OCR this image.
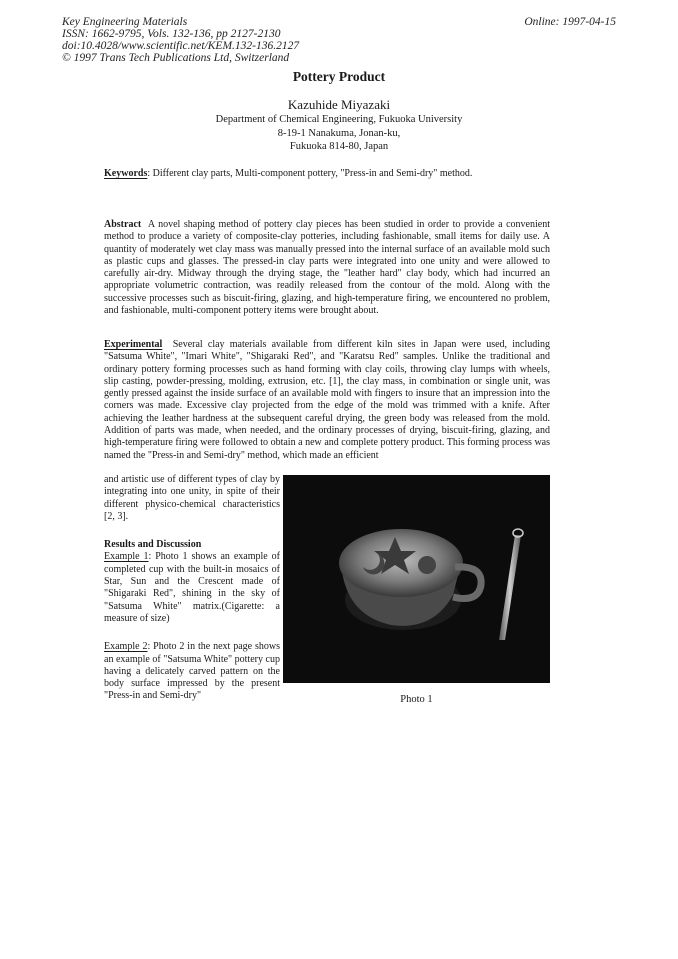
Key Engineering Materials
ISSN: 1662-9795, Vols. 132-136, pp 2127-2130
doi:10.4028/www.scientific.net/KEM.132-136.2127
© 1997 Trans Tech Publications Ltd, Switzerland
Online: 1997-04-15
Pottery Product
Kazuhide Miyazaki
Department of Chemical Engineering, Fukuoka University
8-19-1 Nanakuma, Jonan-ku,
Fukuoka 814-80, Japan
Keywords: Different clay parts, Multi-component pottery, "Press-in and Semi-dry" method.
Abstract A novel shaping method of pottery clay pieces has been studied in order to provide a convenient method to produce a variety of composite-clay potteries, including fashionable, small items for daily use. A quantity of moderately wet clay mass was manually pressed into the internal surface of an available mold such as plastic cups and glasses. The pressed-in clay parts were integrated into one unity and were allowed to carefully air-dry. Midway through the drying stage, the "leather hard" clay body, which had incurred an appropriate volumetric contraction, was readily released from the contour of the mold. Along with the successive processes such as biscuit-firing, glazing, and high-temperature firing, we encountered no problem, and fashionable, multi-component pottery items were brought about.
Experimental Several clay materials available from different kiln sites in Japan were used, including "Satsuma White", "Imari White", "Shigaraki Red", and "Karatsu Red" samples. Unlike the traditional and ordinary pottery forming processes such as hand forming with clay coils, throwing clay lumps with wheels, slip casting, powder-pressing, molding, extrusion, etc. [1], the clay mass, in combination or single unit, was gently pressed against the inside surface of an available mold with fingers to insure that an impression into the corners was made. Excessive clay projected from the edge of the mold was trimmed with a knife. After achieving the leather hardness at the subsequent careful drying, the green body was released from the mold. Addition of parts was made, when needed, and the ordinary processes of drying, biscuit-firing, glazing, and high-temperature firing were followed to obtain a new and complete pottery product. This forming process was named the "Press-in and Semi-dry" method, which made an efficient
and artistic use of different types of clay by integrating into one unity, in spite of their different physico-chemical characteristics [2, 3].
Results and Discussion
Example 1: Photo 1 shows an example of completed cup with the built-in mosaics of Star, Sun and the Crescent made of "Shigaraki Red", shining in the sky of "Satsuma White" matrix.(Cigarette: a measure of size)
Example 2: Photo 2 in the next page shows an example of "Satsuma White" pottery cup having a delicately carved pattern on the body surface impressed by the present "Press-in and Semi-dry"	Photo 1
